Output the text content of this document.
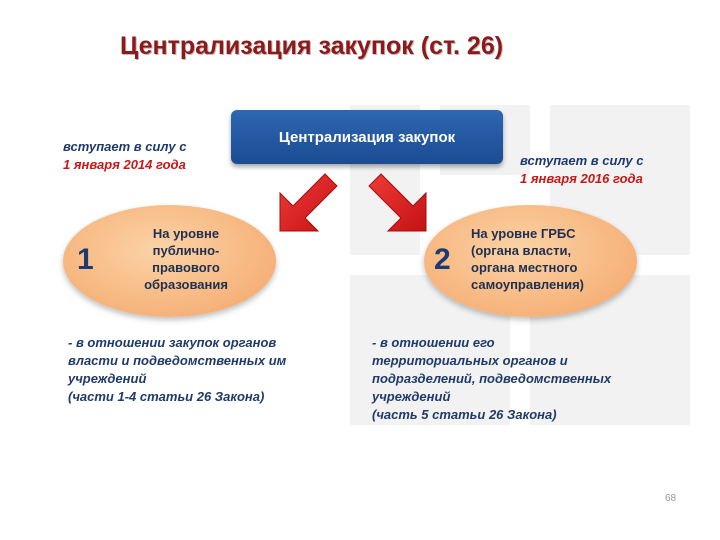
Централизация закупок (ст. 26)
Централизация закупок
вступает в силу с
1 января 2014 года	вступает в силу с
1 января 2016 года
1
На уровне
публично-
правового
образования
2
На уровне ГРБС
(органа власти,
органа местного
самоуправления)
- в отношении закупок органов
власти и подведомственных им
учреждений
(части 1-4 статьи 26 Закона)
- в отношении его
территориальных органов и
подразделений, подведомственных
учреждений
(часть 5 статьи 26 Закона)
68
